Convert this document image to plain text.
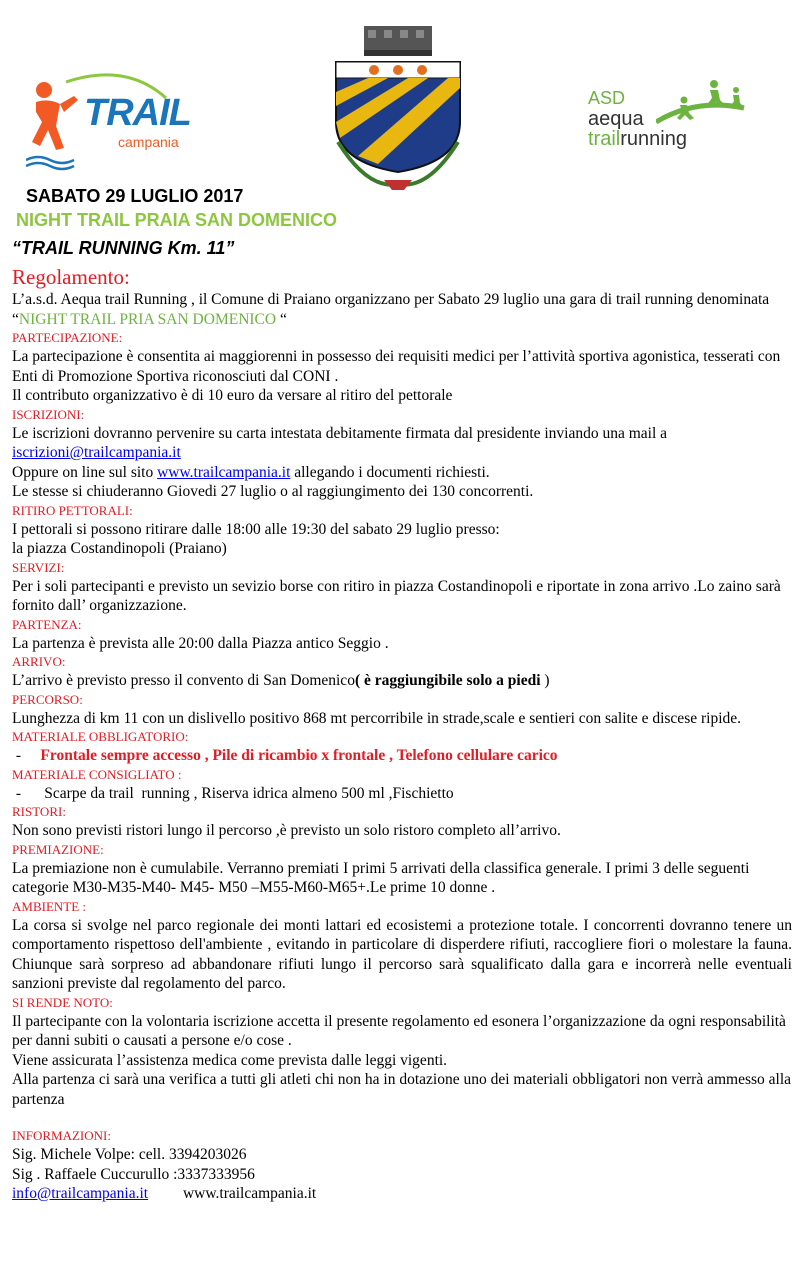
TRAIL
campania
ASD
aequa
trailrunning
SABATO 29 LUGLIO 2017
NIGHT TRAIL PRAIA SAN DOMENICO
“TRAIL RUNNING Km. 11”

Regolamento:

L’a.s.d. Aequa trail Running , il Comune di Praiano organizzano per Sabato 29 luglio una gara di trail running denominata

“NIGHT TRAIL PRIA SAN DOMENICO “

PARTECIPAZIONE:

La partecipazione è consentita ai maggiorenni in possesso dei requisiti medici per l’attività sportiva agonistica, tesserati con Enti di Promozione Sportiva riconosciuti dal CONI .

Il contributo organizzativo è di 10 euro da versare al ritiro del pettorale

ISCRIZIONI:

Le iscrizioni dovranno pervenire su carta intestata debitamente firmata dal presidente inviando una mail a

iscrizioni@trailcampania.it

Oppure on line sul sito www.trailcampania.it allegando i documenti richiesti.

Le stesse si chiuderanno Giovedi 27 luglio o al raggiungimento dei 130 concorrenti.

RITIRO PETTORALI:

I pettorali si possono ritirare dalle 18:00 alle 19:30 del sabato 29 luglio presso:

la piazza Costandinopoli (Praiano)

SERVIZI:

Per i soli partecipanti e previsto un sevizio borse con ritiro in piazza Costandinopoli e riportate in zona arrivo .Lo zaino sarà fornito dall’ organizzazione.

PARTENZA:

La partenza è prevista alle 20:00 dalla Piazza antico Seggio .

ARRIVO:

L’arrivo è previsto presso il convento di San Domenico( è raggiungibile solo a piedi )

PERCORSO:

Lunghezza di km 11 con un dislivello positivo 868 mt percorribile in strade,scale e sentieri con salite e discese ripide.

MATERIALE OBBLIGATORIO:

-     Frontale sempre accesso , Pile di ricambio x frontale , Telefono cellulare carico

MATERIALE CONSIGLIATO :

-      Scarpe da trail  running , Riserva idrica almeno 500 ml ,Fischietto

RISTORI:

Non sono previsti ristori lungo il percorso ,è previsto un solo ristoro completo all’arrivo.

PREMIAZIONE:

La premiazione non è cumulabile. Verranno premiati I primi 5 arrivati della classifica generale. I primi 3 delle seguenti categorie M30-M35-M40- M45- M50 –M55-M60-M65+.Le prime 10 donne .

AMBIENTE :

La corsa si svolge nel parco regionale dei monti lattari ed ecosistemi a protezione totale. I concorrenti dovranno tenere un comportamento rispettoso dell'ambiente , evitando in particolare di disperdere rifiuti, raccogliere fiori o molestare la fauna. Chiunque sarà sorpreso ad abbandonare rifiuti lungo il percorso sarà squalificato dalla gara e incorrerà nelle eventuali sanzioni previste dal regolamento del parco.

SI RENDE NOTO:

Il partecipante con la volontaria iscrizione accetta il presente regolamento ed esonera l’organizzazione da ogni responsabilità per danni subiti o causati a persone e/o cose .

Viene assicurata l’assistenza medica come prevista dalle leggi vigenti.

Alla partenza ci sarà una verifica a tutti gli atleti chi non ha in dotazione uno dei materiali obbligatori non verrà ammesso alla partenza

INFORMAZIONI:

Sig. Michele Volpe: cell. 3394203026

Sig . Raffaele Cuccurullo :3337333956

info@trailcampania.it         www.trailcampania.it
